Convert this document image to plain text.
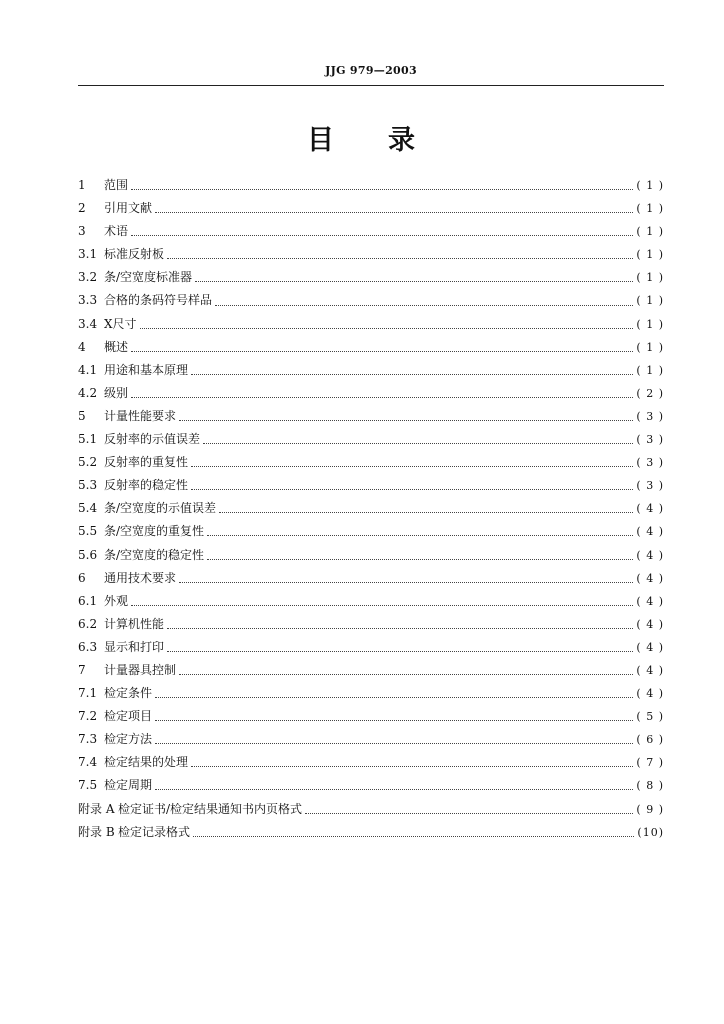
JJG 979—2003
目 录
1	范围	( 1 )
2	引用文献	( 1 )
3	术语	( 1 )
3.1 标准反射板	( 1 )
3.2 条/空宽度标准器	( 1 )
3.3 合格的条码符号样品	( 1 )
3.4 X尺寸	( 1 )
4	概述	( 1 )
4.1 用途和基本原理	( 1 )
4.2 级别	( 2 )
5	计量性能要求	( 3 )
5.1 反射率的示值误差	( 3 )
5.2 反射率的重复性	( 3 )
5.3 反射率的稳定性	( 3 )
5.4 条/空宽度的示值误差	( 4 )
5.5 条/空宽度的重复性	( 4 )
5.6 条/空宽度的稳定性	( 4 )
6	通用技术要求	( 4 )
6.1 外观	( 4 )
6.2 计算机性能	( 4 )
6.3 显示和打印	( 4 )
7	计量器具控制	( 4 )
7.1 检定条件	( 4 )
7.2 检定项目	( 5 )
7.3 检定方法	( 6 )
7.4 检定结果的处理	( 7 )
7.5 检定周期	( 8 )
附录 A 检定证书/检定结果通知书内页格式	( 9 )
附录 B 检定记录格式	(10)
